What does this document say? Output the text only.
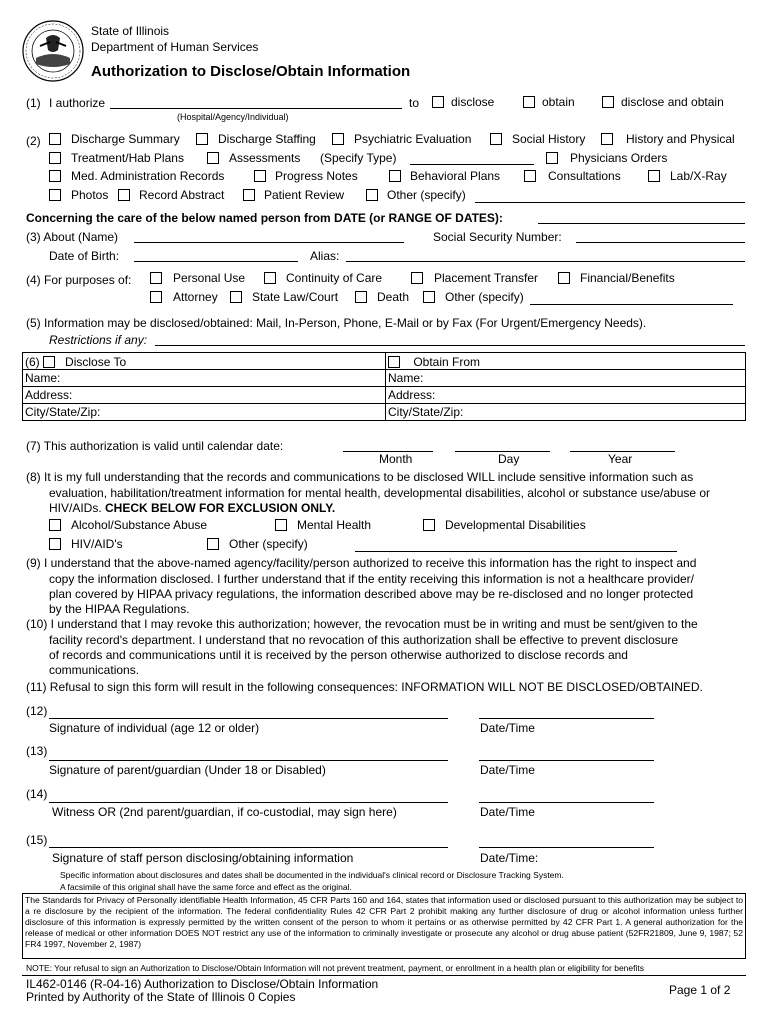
State of Illinois
Department of Human Services
Authorization to Disclose/Obtain Information
(1) I authorize
(Hospital/Agency/Individual)
to	disclose	obtain	disclose and obtain
(2)	Discharge Summary	Discharge Staffing	Psychiatric Evaluation	Social History	History and Physical
Treatment/Hab Plans	Assessments (Specify Type)	Physicians Orders
Med. Administration Records	Progress Notes	Behavioral Plans	Consultations	Lab/X-Ray
Photos	Record Abstract	Patient Review	Other (specify)
Concerning the care of the below named person from DATE (or RANGE OF DATES):
(3) About (Name)	Social Security Number:
Date of Birth:	Alias:
(4) For purposes of:	Personal Use	Continuity of Care	Placement Transfer	Financial/Benefits
Attorney	State Law/Court	Death	Other (specify)
(5) Information may be disclosed/obtained: Mail, In-Person, Phone, E-Mail or by Fax (For Urgent/Emergency Needs).
Restrictions if any:
(6) Disclose To	Obtain From
Name:	Name:
Address:	Address:
City/State/Zip:	City/State/Zip:
(7) This authorization is valid until calendar date:
Month	Day	Year
(8) It is my full understanding that the records and communications to be disclosed WILL include sensitive information such as
evaluation, habilitation/treatment information for mental health, developmental disabilities, alcohol or substance use/abuse or
HIV/AIDs. CHECK BELOW FOR EXCLUSION ONLY.
Alcohol/Substance Abuse	Mental Health	Developmental Disabilities
HIV/AID's	Other (specify)
(9) I understand that the above-named agency/facility/person authorized to receive this information has the right to inspect and
copy the information disclosed. I further understand that if the entity receiving this information is not a healthcare provider/
plan covered by HIPAA privacy regulations, the information described above may be re-disclosed and no longer protected
by the HIPAA Regulations.
(10) I understand that I may revoke this authorization; however, the revocation must be in writing and must be sent/given to the
facility record's department. I understand that no revocation of this authorization shall be effective to prevent disclosure
of records and communications until it is received by the person otherwise authorized to disclose records and
communications.
(11) Refusal to sign this form will result in the following consequences: INFORMATION WILL NOT BE DISCLOSED/OBTAINED.
(12)
Signature of individual (age 12 or older)	Date/Time
(13)
Signature of parent/guardian (Under 18 or Disabled)	Date/Time
(14)
Witness OR (2nd parent/guardian, if co-custodial, may sign here)	Date/Time
(15)
Signature of staff person disclosing/obtaining information	Date/Time:
Specific information about disclosures and dates shall be documented in the individual's clinical record or Disclosure Tracking System.
A facsimile of this original shall have the same force and effect as the original.
The Standards for Privacy of Personally identifiable Health Information, 45 CFR Parts 160 and 164, states that information used or disclosed pursuant to this authorization may be subject to a re disclosure by the recipient of the information. The federal confidentiality Rules 42 CFR Part 2 prohibit making any further disclosure of drug or alcohol information unless further disclosure of this information is expressly permitted by the written consent of the person to whom it pertains or as otherwise permitted by 42 CFR Part 1. A general authorization for the release of medical or other information DOES NOT restrict any use of the information to criminally investigate or prosecute any alcohol or drug abuse patient (52FR21809, June 9, 1987; 52 FR4 1997, November 2, 1987)
NOTE: Your refusal to sign an Authorization to Disclose/Obtain Information will not prevent treatment, payment, or enrollment in a health plan or eligibility for benefits
IL462-0146 (R-04-16) Authorization to Disclose/Obtain Information
Printed by Authority of the State of Illinois 0 Copies	Page 1 of 2
